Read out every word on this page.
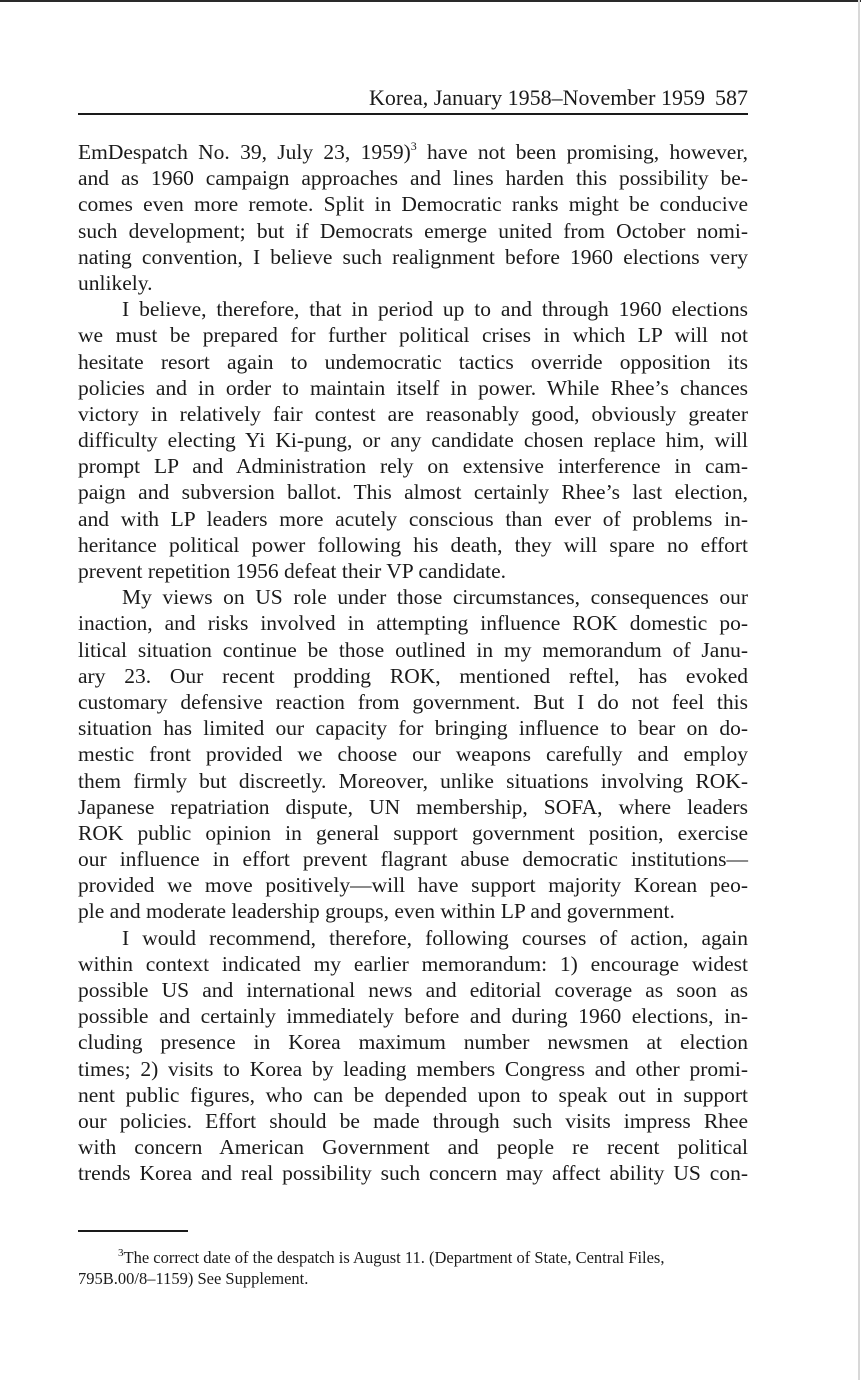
Korea, January 1958–November 1959 587
EmDespatch No. 39, July 23, 1959)$^3$ have not been promising, however,
and as 1960 campaign approaches and lines harden this possibility be-
comes even more remote. Split in Democratic ranks might be conducive
such development; but if Democrats emerge united from October nomi-
nating convention, I believe such realignment before 1960 elections very
unlikely.
I believe, therefore, that in period up to and through 1960 elections
we must be prepared for further political crises in which LP will not
hesitate resort again to undemocratic tactics override opposition its
policies and in order to maintain itself in power. While Rhee’s chances
victory in relatively fair contest are reasonably good, obviously greater
difficulty electing Yi Ki-pung, or any candidate chosen replace him, will
prompt LP and Administration rely on extensive interference in cam-
paign and subversion ballot. This almost certainly Rhee’s last election,
and with LP leaders more acutely conscious than ever of problems in-
heritance political power following his death, they will spare no effort
prevent repetition 1956 defeat their VP candidate.
My views on US role under those circumstances, consequences our
inaction, and risks involved in attempting influence ROK domestic po-
litical situation continue be those outlined in my memorandum of Janu-
ary 23. Our recent prodding ROK, mentioned reftel, has evoked
customary defensive reaction from government. But I do not feel this
situation has limited our capacity for bringing influence to bear on do-
mestic front provided we choose our weapons carefully and employ
them firmly but discreetly. Moreover, unlike situations involving ROK-
Japanese repatriation dispute, UN membership, SOFA, where leaders
ROK public opinion in general support government position, exercise
our influence in effort prevent flagrant abuse democratic institutions—
provided we move positively—will have support majority Korean peo-
ple and moderate leadership groups, even within LP and government.
I would recommend, therefore, following courses of action, again
within context indicated my earlier memorandum: 1) encourage widest
possible US and international news and editorial coverage as soon as
possible and certainly immediately before and during 1960 elections, in-
cluding presence in Korea maximum number newsmen at election
times; 2) visits to Korea by leading members Congress and other promi-
nent public figures, who can be depended upon to speak out in support
our policies. Effort should be made through such visits impress Rhee
with concern American Government and people re recent political
trends Korea and real possibility such concern may affect ability US con-
$^3$The correct date of the despatch is August 11. (Department of State, Central Files,
795B.00/8–1159) See Supplement.
